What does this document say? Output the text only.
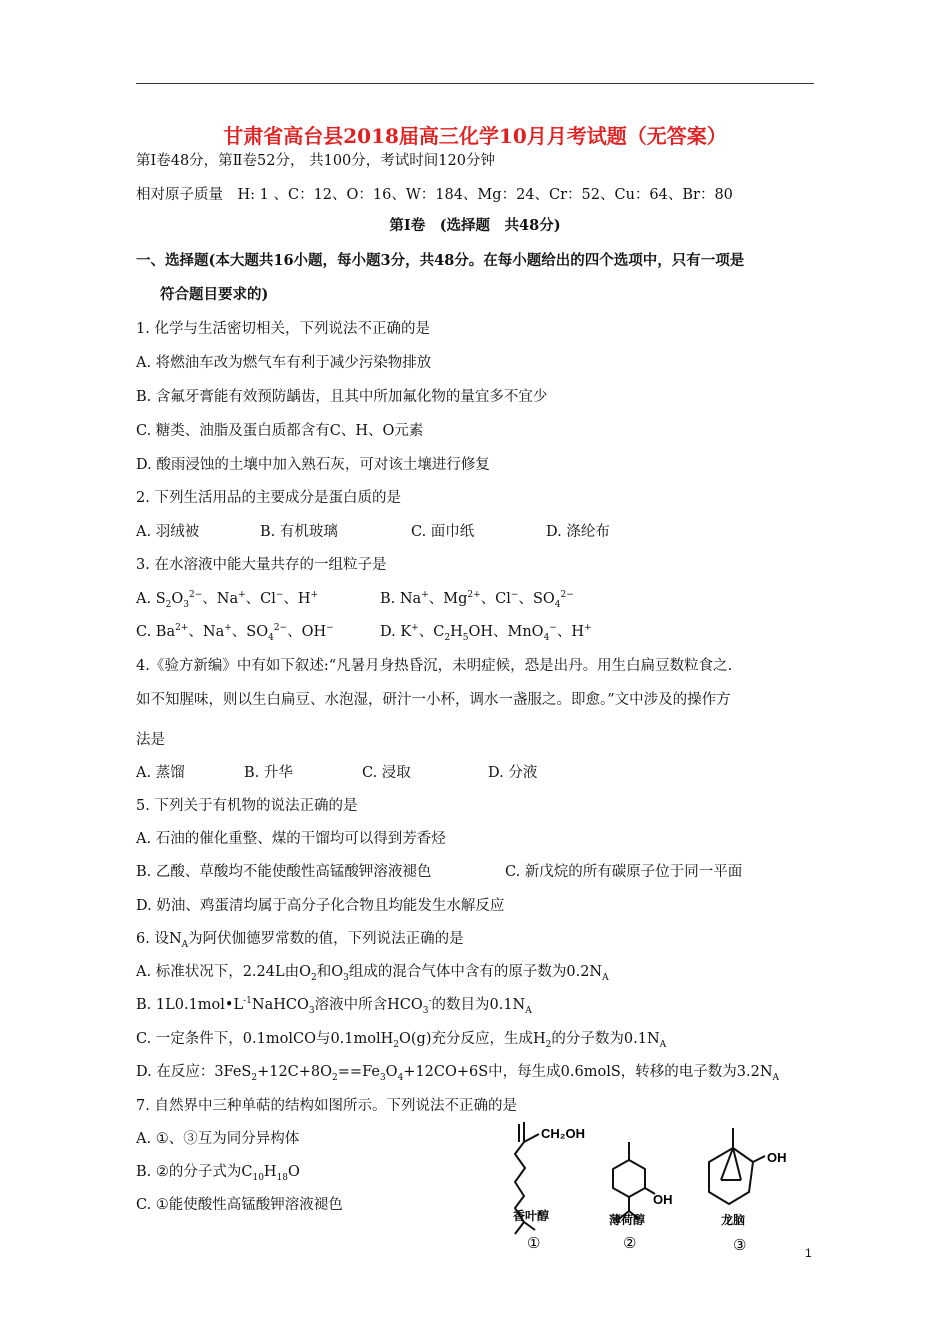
甘肃省高台县2018届高三化学10月月考试题（无答案）
第Ⅰ卷48分，第Ⅱ卷52分， 共100分，考试时间120分钟
相对原子质量　H: 1 、C：12、O：16、W：184、Mg：24、Cr：52、Cu：64、Br：80
第Ⅰ卷　(选择题　共48分)
一、选择题(本大题共16小题，每小题3分，共48分。在每小题给出的四个选项中，只有一项是
符合题目要求的)
1. 化学与生活密切相关，下列说法不正确的是
A. 将燃油车改为燃气车有利于减少污染物排放
B. 含氟牙膏能有效预防龋齿，且其中所加氟化物的量宜多不宜少
C. 糖类、油脂及蛋白质都含有C、H、O元素
D. 酸雨浸蚀的土壤中加入熟石灰，可对该土壤进行修复
2. 下列生活用品的主要成分是蛋白质的是
A. 羽绒被	B. 有机玻璃	C. 面巾纸	D. 涤纶布
3. 在水溶液中能大量共存的一组粒子是
A. $S_2O_3^{2-}$、Na+、Cl−、H+	B. Na+、$Mg^{2+}$、Cl−、$SO_4^{2-}$
C. $Ba^{2+}$、Na+、$SO_4^{2-}$、OH−	D. K+、$C_2H_5OH$、MnO$_4$−、H+
4.《验方新编》中有如下叙述:“凡暑月身热昏沉，未明症候，恐是出丹。用生白扁豆数粒食之.
如不知腥味，则以生白扁豆、水泡湿，研汁一小杯，调水一盏服之。即愈。”文中涉及的操作方
法是
A. 蒸馏	B. 升华	C. 浸取	D. 分液
5. 下列关于有机物的说法正确的是
A. 石油的催化重整、煤的干馏均可以得到芳香烃
B. 乙酸、草酸均不能使酸性高锰酸钾溶液褪色	C. 新戊烷的所有碳原子位于同一平面
D. 奶油、鸡蛋清均属于高分子化合物且均能发生水解反应
6. 设$N_A$为阿伏伽德罗常数的值，下列说法正确的是
A. 标准状况下，2.24L由$O_2$和$O_3$组成的混合气体中含有的原子数为$0.2N_A$
B. $1L0.1mol•L^{-1}NaHCO_3$溶液中所含$HCO_3^-$的数目为$0.1N_A$
C. 一定条件下，0.1molCO与0.1molH$_2$O(g)充分反应，生成$H_2$的分子数为$0.1N_A$
D. 在反应：$3FeS_2+12C+8O_2==Fe_3O_4+12CO+6S$中，每生成0.6molS，转移的电子数为$3.2N_A$
7. 自然界中三种单萜的结构如图所示。下列说法不正确的是
A. ①、③互为同分异构体
B. ②的分子式为$C_{10}H_{18}O$
C. ①能使酸性高锰酸钾溶液褪色
CH₂OH
OH
OH
香叶醇	薄荷醇	龙脑
①	②	③	1
